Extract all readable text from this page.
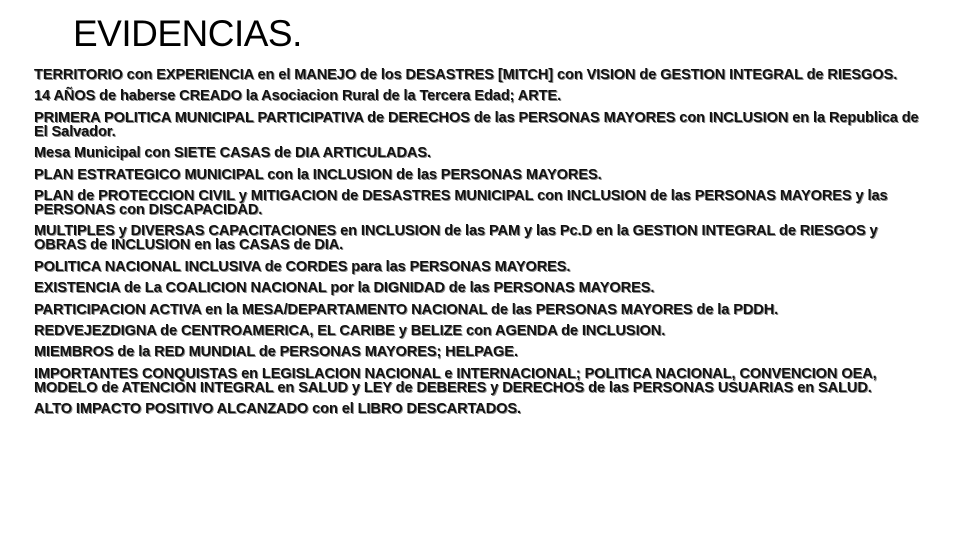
EVIDENCIAS.
TERRITORIO con EXPERIENCIA en el MANEJO de los DESASTRES [MITCH] con VISION de GESTION INTEGRAL de RIESGOS.
14 AÑOS de haberse CREADO la Asociacion Rural de la Tercera Edad; ARTE.
PRIMERA POLITICA MUNICIPAL PARTICIPATIVA de DERECHOS de las PERSONAS MAYORES con INCLUSION en la Republica de El Salvador.
Mesa Municipal con SIETE CASAS de DIA ARTICULADAS.
PLAN ESTRATEGICO MUNICIPAL con la INCLUSION de las PERSONAS MAYORES.
PLAN de PROTECCION CIVIL y MITIGACION de DESASTRES MUNICIPAL con INCLUSION de las PERSONAS MAYORES y las PERSONAS con DISCAPACIDAD.
MULTIPLES y DIVERSAS CAPACITACIONES en INCLUSION de las PAM y las Pc.D en la GESTION INTEGRAL de RIESGOS y OBRAS de INCLUSION en las CASAS de DIA.
POLITICA NACIONAL INCLUSIVA de CORDES para las PERSONAS MAYORES.
EXISTENCIA de La COALICION NACIONAL por la DIGNIDAD de las PERSONAS MAYORES.
PARTICIPACION ACTIVA en la MESA/DEPARTAMENTO NACIONAL de las PERSONAS MAYORES de la PDDH.
REDVEJEZDIGNA de CENTROAMERICA, EL CARIBE y BELIZE con AGENDA de INCLUSION.
MIEMBROS de la RED MUNDIAL de PERSONAS MAYORES; HELPAGE.
IMPORTANTES CONQUISTAS en LEGISLACION NACIONAL e INTERNACIONAL; POLITICA NACIONAL, CONVENCION OEA, MODELO de ATENCION INTEGRAL en SALUD y LEY de DEBERES y DERECHOS de las PERSONAS USUARIAS en SALUD.
ALTO IMPACTO POSITIVO ALCANZADO con el LIBRO DESCARTADOS.
